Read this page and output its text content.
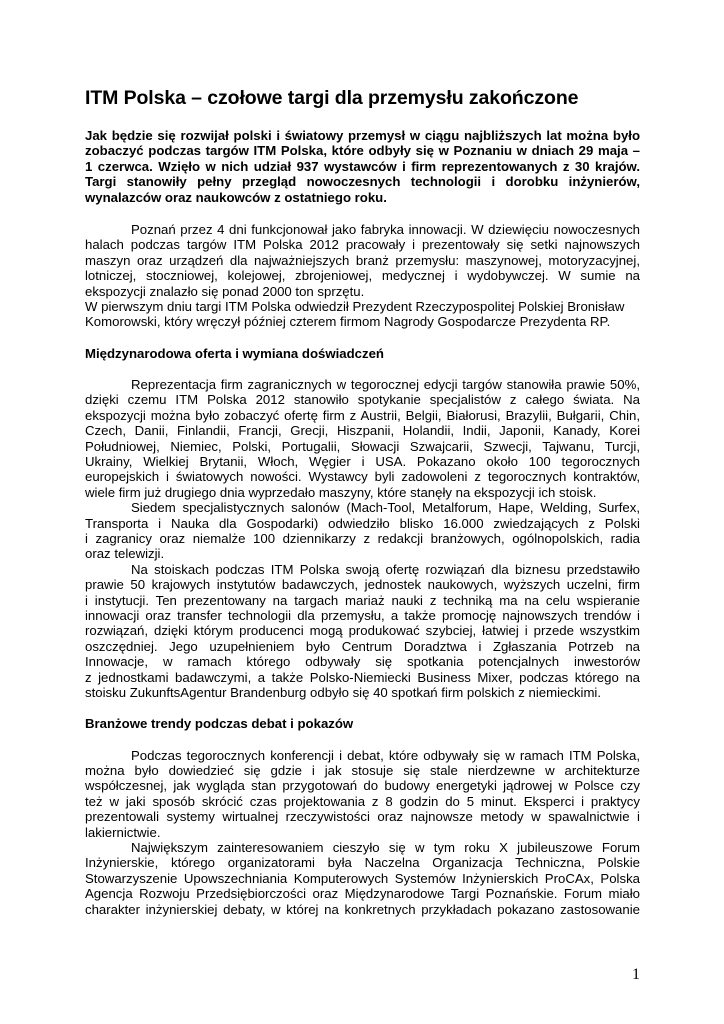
ITM Polska – czołowe targi dla przemysłu zakończone
Jak będzie się rozwijał polski i światowy przemysł w ciągu najbliższych lat można było
zobaczyć podczas targów ITM Polska, które odbyły się w Poznaniu w dniach 29 maja –
1 czerwca. Wzięło w nich udział 937 wystawców i firm reprezentowanych z 30 krajów.
Targi stanowiły pełny przegląd nowoczesnych technologii i dorobku inżynierów,
wynalazców oraz naukowców z ostatniego roku.
Poznań przez 4 dni funkcjonował jako fabryka innowacji. W dziewięciu nowoczesnych
halach podczas targów ITM Polska 2012 pracowały i prezentowały się setki najnowszych
maszyn oraz urządzeń dla najważniejszych branż przemysłu: maszynowej, motoryzacyjnej,
lotniczej, stoczniowej, kolejowej, zbrojeniowej, medycznej i wydobywczej. W sumie na
ekspozycji znalazło się ponad 2000 ton sprzętu.
W pierwszym dniu targi ITM Polska odwiedził Prezydent Rzeczypospolitej Polskiej Bronisław
Komorowski, który wręczył później czterem firmom Nagrody Gospodarcze Prezydenta RP.
Międzynarodowa oferta i wymiana doświadczeń
Reprezentacja firm zagranicznych w tegorocznej edycji targów stanowiła prawie 50%,
dzięki czemu ITM Polska 2012 stanowiło spotykanie specjalistów z całego świata. Na
ekspozycji można było zobaczyć ofertę firm z Austrii, Belgii, Białorusi, Brazylii, Bułgarii, Chin,
Czech, Danii, Finlandii, Francji, Grecji, Hiszpanii, Holandii, Indii, Japonii, Kanady, Korei
Południowej, Niemiec, Polski, Portugalii, Słowacji Szwajcarii, Szwecji, Tajwanu, Turcji,
Ukrainy, Wielkiej Brytanii, Włoch, Węgier i USA. Pokazano około 100 tegorocznych
europejskich i światowych nowości. Wystawcy byli zadowoleni z tegorocznych kontraktów,
wiele firm już drugiego dnia wyprzedało maszyny, które stanęły na ekspozycji ich stoisk.
Siedem specjalistycznych salonów (Mach-Tool, Metalforum, Hape, Welding, Surfex,
Transporta i Nauka dla Gospodarki) odwiedziło blisko 16.000 zwiedzających z Polski
i zagranicy oraz niemalże 100 dziennikarzy z redakcji branżowych, ogólnopolskich, radia
oraz telewizji.
Na stoiskach podczas ITM Polska swoją ofertę rozwiązań dla biznesu przedstawiło
prawie 50 krajowych instytutów badawczych, jednostek naukowych, wyższych uczelni, firm
i instytucji. Ten prezentowany na targach mariaż nauki z techniką ma na celu wspieranie
innowacji oraz transfer technologii dla przemysłu, a także promocję najnowszych trendów i
rozwiązań, dzięki którym producenci mogą produkować szybciej, łatwiej i przede wszystkim
oszczędniej. Jego uzupełnieniem było Centrum Doradztwa i Zgłaszania Potrzeb na
Innowacje, w ramach którego odbywały się spotkania potencjalnych inwestorów
z jednostkami badawczymi, a także Polsko-Niemiecki Business Mixer, podczas którego na
stoisku ZukunftsAgentur Brandenburg odbyło się 40 spotkań firm polskich z niemieckimi.
Branżowe trendy podczas debat i pokazów
Podczas tegorocznych konferencji i debat, które odbywały się w ramach ITM Polska,
można było dowiedzieć się gdzie i jak stosuje się stale nierdzewne w architekturze
współczesnej, jak wygląda stan przygotowań do budowy energetyki jądrowej w Polsce czy
też w jaki sposób skrócić czas projektowania z 8 godzin do 5 minut. Eksperci i praktycy
prezentowali systemy wirtualnej rzeczywistości oraz najnowsze metody w spawalnictwie i
lakiernictwie.
Największym zainteresowaniem cieszyło się w tym roku X jubileuszowe Forum
Inżynierskie, którego organizatorami była Naczelna Organizacja Techniczna, Polskie
Stowarzyszenie Upowszechniania Komputerowych Systemów Inżynierskich ProCAx, Polska
Agencja Rozwoju Przedsiębiorczości oraz Międzynarodowe Targi Poznańskie. Forum miało
charakter inżynierskiej debaty, w której na konkretnych przykładach pokazano zastosowanie
1
